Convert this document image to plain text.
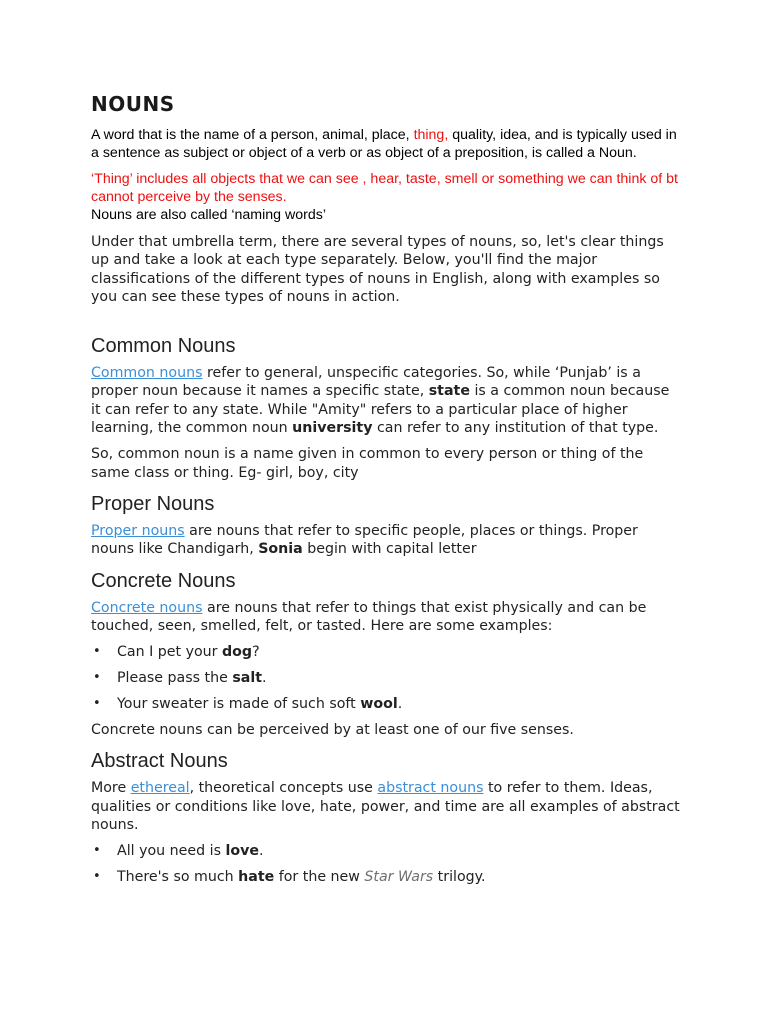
NOUNS

A word that is the name of a person, animal, place, thing, quality, idea, and is typically used in a sentence as subject or object of a verb or as object of a preposition, is called a Noun.

‘Thing’ includes all objects that we can see , hear, taste, smell or something we can think of bt cannot perceive by the senses.

Nouns are also called ‘naming words’

Under that umbrella term, there are several types of nouns, so, let's clear things up and take a look at each type separately. Below, you'll find the major classifications of the different types of nouns in English, along with examples so you can see these types of nouns in action.

Common Nouns

Common nouns refer to general, unspecific categories. So, while ‘Punjab’ is a proper noun because it names a specific state, state is a common noun because it can refer to any state. While "Amity" refers to a particular place of higher learning, the common noun university can refer to any institution of that type.

So, common noun is a name given in common to every person or thing of the same class or thing. Eg- girl, boy, city

Proper Nouns

Proper nouns are nouns that refer to specific people, places or things. Proper nouns like Chandigarh, Sonia begin with capital letter

Concrete Nouns

Concrete nouns are nouns that refer to things that exist physically and can be touched, seen, smelled, felt, or tasted. Here are some examples:

• Can I pet your dog?
• Please pass the salt.
• Your sweater is made of such soft wool.

Concrete nouns can be perceived by at least one of our five senses.

Abstract Nouns

More ethereal, theoretical concepts use abstract nouns to refer to them. Ideas, qualities or conditions like love, hate, power, and time are all examples of abstract nouns.

• All you need is love.
• There's so much hate for the new Star Wars trilogy.
